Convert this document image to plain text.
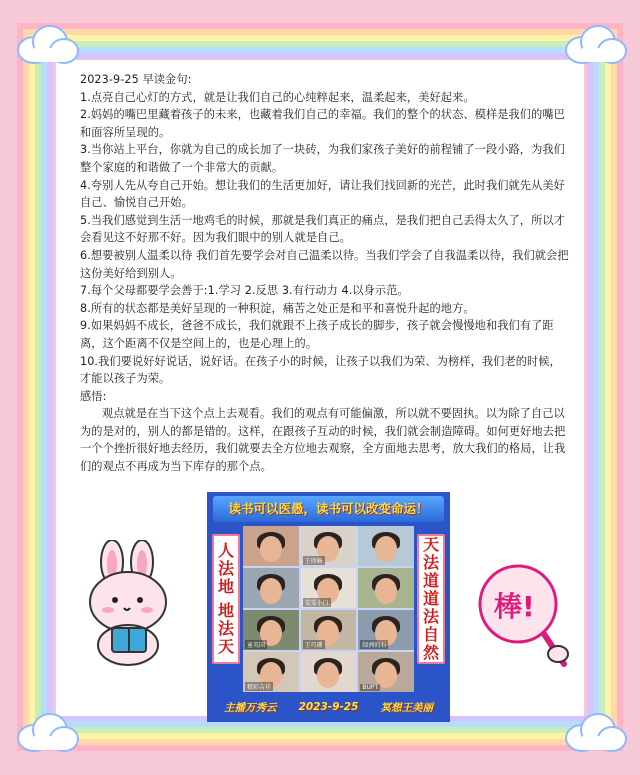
2023-9-25 早读金句:

1.点亮自己心灯的方式，就是让我们自己的心纯粹起来，温柔起来，美好起来。

2.妈妈的嘴巴里藏着孩子的未来，也藏着我们自己的幸福。我们的整个的状态、模样是我们的嘴巴和面容所呈现的。

3.当你站上平台，你就为自己的成长加了一块砖，为我们家孩子美好的前程铺了一段小路，为我们整个家庭的和谐做了一个非常大的贡献。

4.夸别人先从夸自己开始。想让我们的生活更加好，请让我们找回新的光芒，此时我们就先从美好自己、愉悦自己开始。

5.当我们感觉到生活一地鸡毛的时候，那就是我们真正的痛点，是我们把自己丢得太久了，所以才会看见这不好那不好。因为我们眼中的别人就是自己。

6.想要被别人温柔以待 我们首先要学会对自己温柔以待。当我们学会了自我温柔以待，我们就会把这份美好给到别人。

7.每个父母都要学会善于:1.学习 2.反思 3.有行动力 4.以身示范。

8.所有的状态都是美好呈现的一种积淀，痛苦之处正是和平和喜悦升起的地方。

9.如果妈妈不成长，爸爸不成长，我们就跟不上孩子成长的脚步，孩子就会慢慢地和我们有了距离，这个距离不仅是空间上的，也是心理上的。

10.我们要说好好说话，说好话。在孩子小的时候，让孩子以我们为荣、为榜样，我们老的时候，才能以孩子为荣。

感悟:

观点就是在当下这个点上去观看。我们的观点有可能偏激，所以就不要固执。以为除了自己以为的是对的，别人的都是错的。这样，在跟孩子互动的时候，我们就会制造障碍。如何更好地去把一个个挫折很好地去经历，我们就要去全方位地去观察，全方面地去思考，放大我们的格局，让我们的观点不再成为当下库存的那个点。

读书可以医愚，读书可以改变命运！
人
法
地
地
法
天
天
法
道
道
法
自
然
王周畅
雯雯小白
童英国	王巧珊	绿洲的石
精彩吉祥	BUPT
主播万秀云 2023-9-25 冥想王美丽
棒!
